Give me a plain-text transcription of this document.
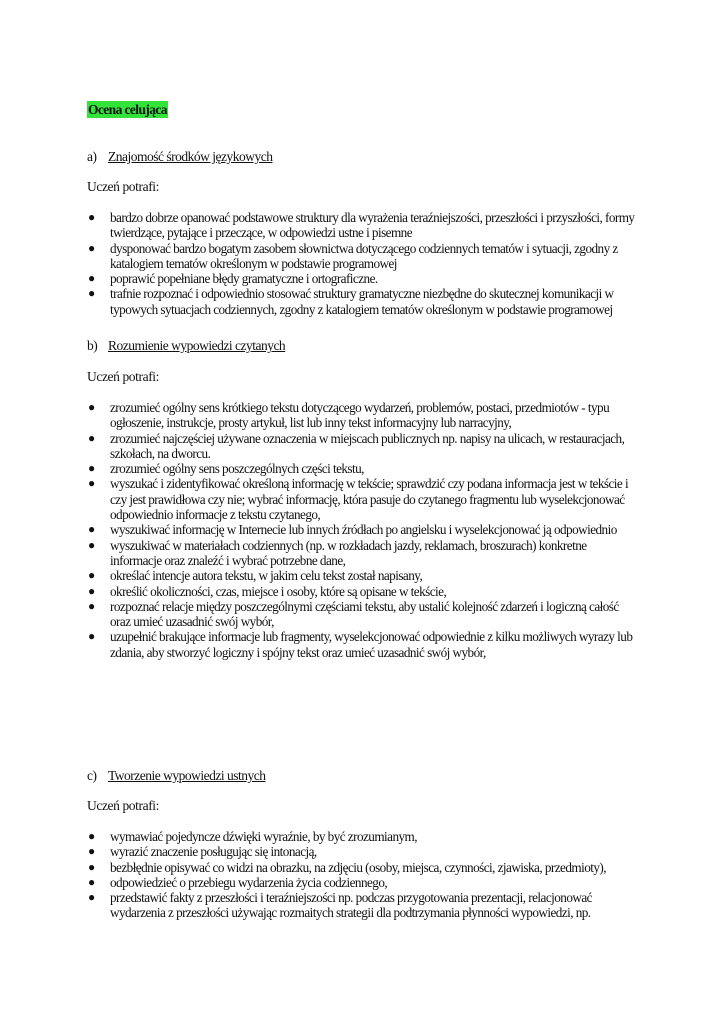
Ocena celująca
a) Znajomość środków językowych
Uczeń potrafi:
● bardzo dobrze opanować podstawowe struktury dla wyrażenia teraźniejszości, przeszłości i przyszłości, formy twierdzące, pytające i przeczące, w odpowiedzi ustne i pisemne
● dysponować bardzo bogatym zasobem słownictwa dotyczącego codziennych tematów i sytuacji, zgodny z katalogiem tematów określonym w podstawie programowej
● poprawić popełniane błędy gramatyczne i ortograficzne.
● trafnie rozpoznać i odpowiednio stosować struktury gramatyczne niezbędne do skutecznej komunikacji w typowych sytuacjach codziennych, zgodny z katalogiem tematów określonym w podstawie programowej
b) Rozumienie wypowiedzi czytanych
Uczeń potrafi:
● zrozumieć ogólny sens krótkiego tekstu dotyczącego wydarzeń, problemów, postaci, przedmiotów - typu ogłoszenie, instrukcje, prosty artykuł, list lub inny tekst informacyjny lub narracyjny,
● zrozumieć najczęściej używane oznaczenia w miejscach publicznych np. napisy na ulicach, w restauracjach, szkołach, na dworcu.
● zrozumieć ogólny sens poszczególnych części tekstu,
● wyszukać i zidentyfikować określoną informację w tekście; sprawdzić czy podana informacja jest w tekście i czy jest prawidłowa czy nie; wybrać informację, która pasuje do czytanego fragmentu lub wyselekcjonować odpowiednio informacje z tekstu czytanego,
● wyszukiwać informację w Internecie lub innych źródłach po angielsku i wyselekcjonować ją odpowiednio
● wyszukiwać w materiałach codziennych (np. w rozkładach jazdy, reklamach, broszurach) konkretne informacje oraz znaleźć i wybrać potrzebne dane,
● określać intencje autora tekstu, w jakim celu tekst został napisany,
● określić okoliczności, czas, miejsce i osoby, które są opisane w tekście,
● rozpoznać relacje między poszczególnymi częściami tekstu, aby ustalić kolejność zdarzeń i logiczną całość oraz umieć uzasadnić swój wybór,
● uzupełnić brakujące informacje lub fragmenty, wyselekcjonować odpowiednie z kilku możliwych wyrazy lub zdania, aby stworzyć logiczny i spójny tekst oraz umieć uzasadnić swój wybór,
c) Tworzenie wypowiedzi ustnych
Uczeń potrafi:
● wymawiać pojedyncze dźwięki wyraźnie, by być zrozumianym,
● wyrazić znaczenie posługując się intonacją,
● bezbłędnie opisywać co widzi na obrazku, na zdjęciu (osoby, miejsca, czynności, zjawiska, przedmioty),
● odpowiedzieć o przebiegu wydarzenia życia codziennego,
● przedstawić fakty z przeszłości i teraźniejszości np. podczas przygotowania prezentacji, relacjonować wydarzenia z przeszłości używając rozmaitych strategii dla podtrzymania płynności wypowiedzi, np.
